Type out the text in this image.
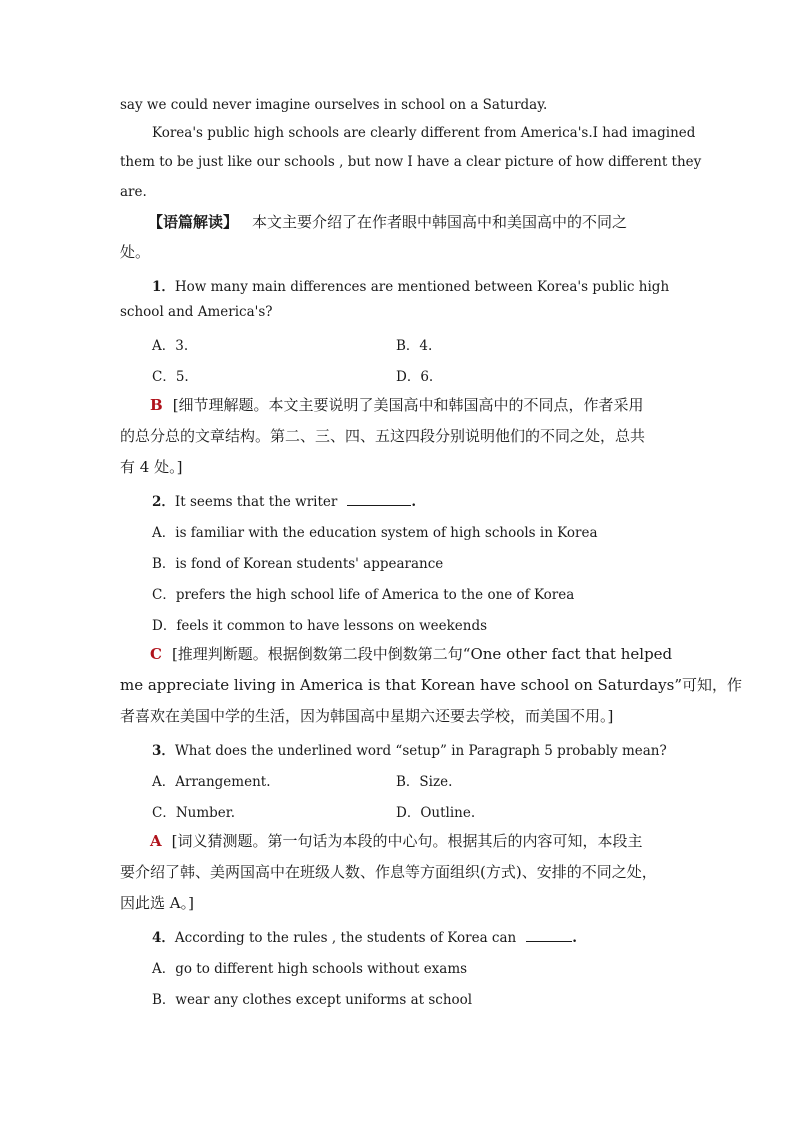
say we could never imagine ourselves in school on a Saturday.
Korea's public high schools are clearly different from America's.I had imagined
them to be just like our schools , but now I have a clear picture of how different they
are.
【语篇解读】 本文主要介绍了在作者眼中韩国高中和美国高中的不同之
处。
1．How many main differences are mentioned between Korea's public high
school and America's?
A．3.	B．4.
C．5.	D．6.
B [细节理解题。本文主要说明了美国高中和韩国高中的不同点，作者采用
的总分总的文章结构。第二、三、四、五这四段分别说明他们的不同之处，总共
有 4 处。]
2．It seems that the writer	.
A．is familiar with the education system of high schools in Korea
B．is fond of Korean students' appearance
C．prefers the high school life of America to the one of Korea
D．feels it common to have lessons on weekends
C [推理判断题。根据倒数第二段中倒数第二句“One other fact that helped
me appreciate living in America is that Korean have school on Saturdays”可知，作
者喜欢在美国中学的生活，因为韩国高中星期六还要去学校，而美国不用。]
3．What does the underlined word “setup” in Paragraph 5 probably mean?
A．Arrangement.	B．Size.
C．Number.	D．Outline.
A [词义猜测题。第一句话为本段的中心句。根据其后的内容可知，本段主
要介绍了韩、美两国高中在班级人数、作息等方面组织(方式)、安排的不同之处，
因此选 A。]
4．According to the rules , the students of Korea can	.
A．go to different high schools without exams
B．wear any clothes except uniforms at school
